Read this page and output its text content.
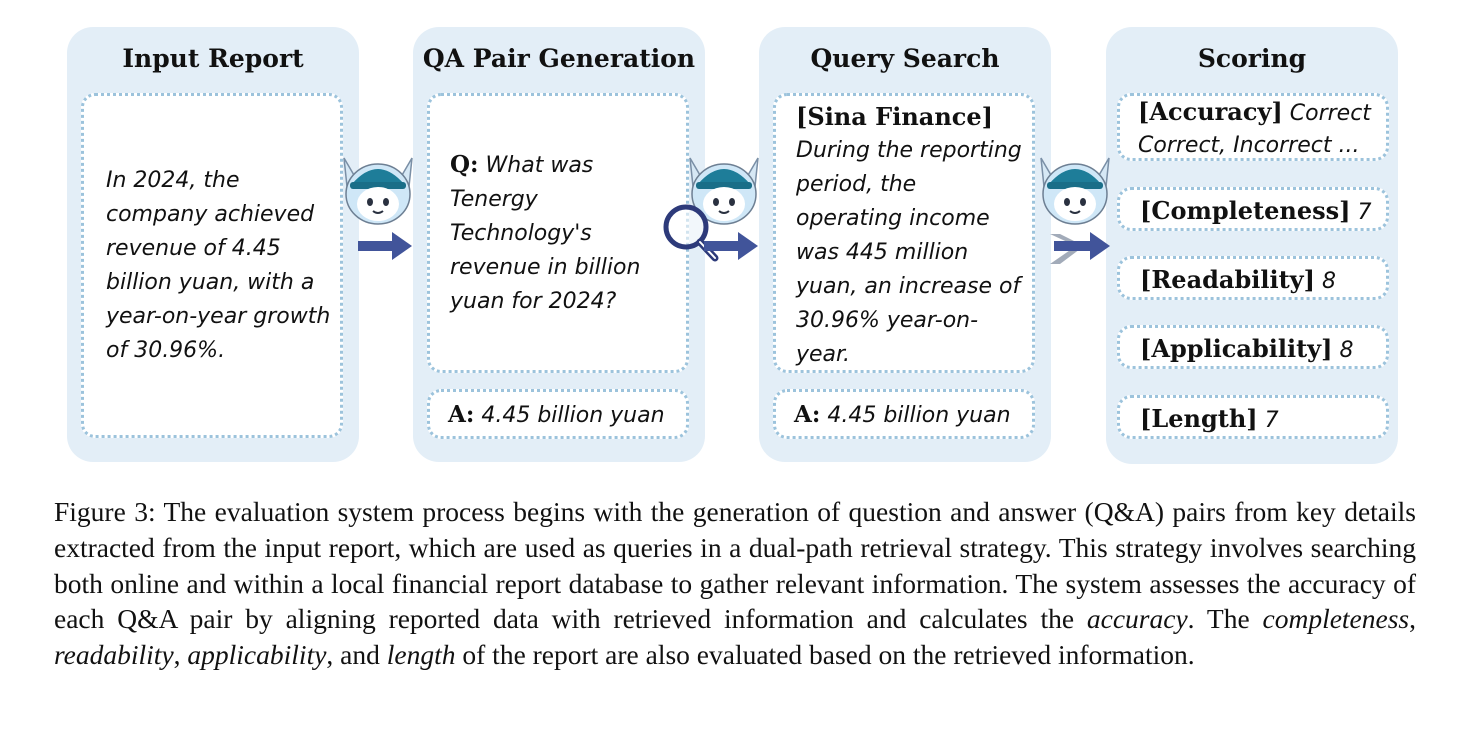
Input Report
In 2024, the company achieved revenue of 4.45 billion yuan, with a year-on-year growth of 30.96%.
QA Pair Generation
Q: What was Tenergy Technology's revenue in billion yuan for 2024?
A: 4.45 billion yuan
Query Search
[Sina Finance]
During the reporting period, the operating income was 445 million yuan, an increase of 30.96% year-on-year.
A: 4.45 billion yuan
Scoring
[Accuracy] Correct
Correct, Incorrect ...
[Completeness] 7
[Readability] 8
[Applicability] 8
[Length] 7
Figure 3: The evaluation system process begins with the generation of question and answer (Q&A) pairs from key details extracted from the input report, which are used as queries in a dual-path retrieval strategy. This strategy involves searching both online and within a local financial report database to gather relevant information. The system assesses the accuracy of each Q&A pair by aligning reported data with retrieved information and calculates the accuracy. The completeness, readability, applicability, and length of the report are also evaluated based on the retrieved information.
